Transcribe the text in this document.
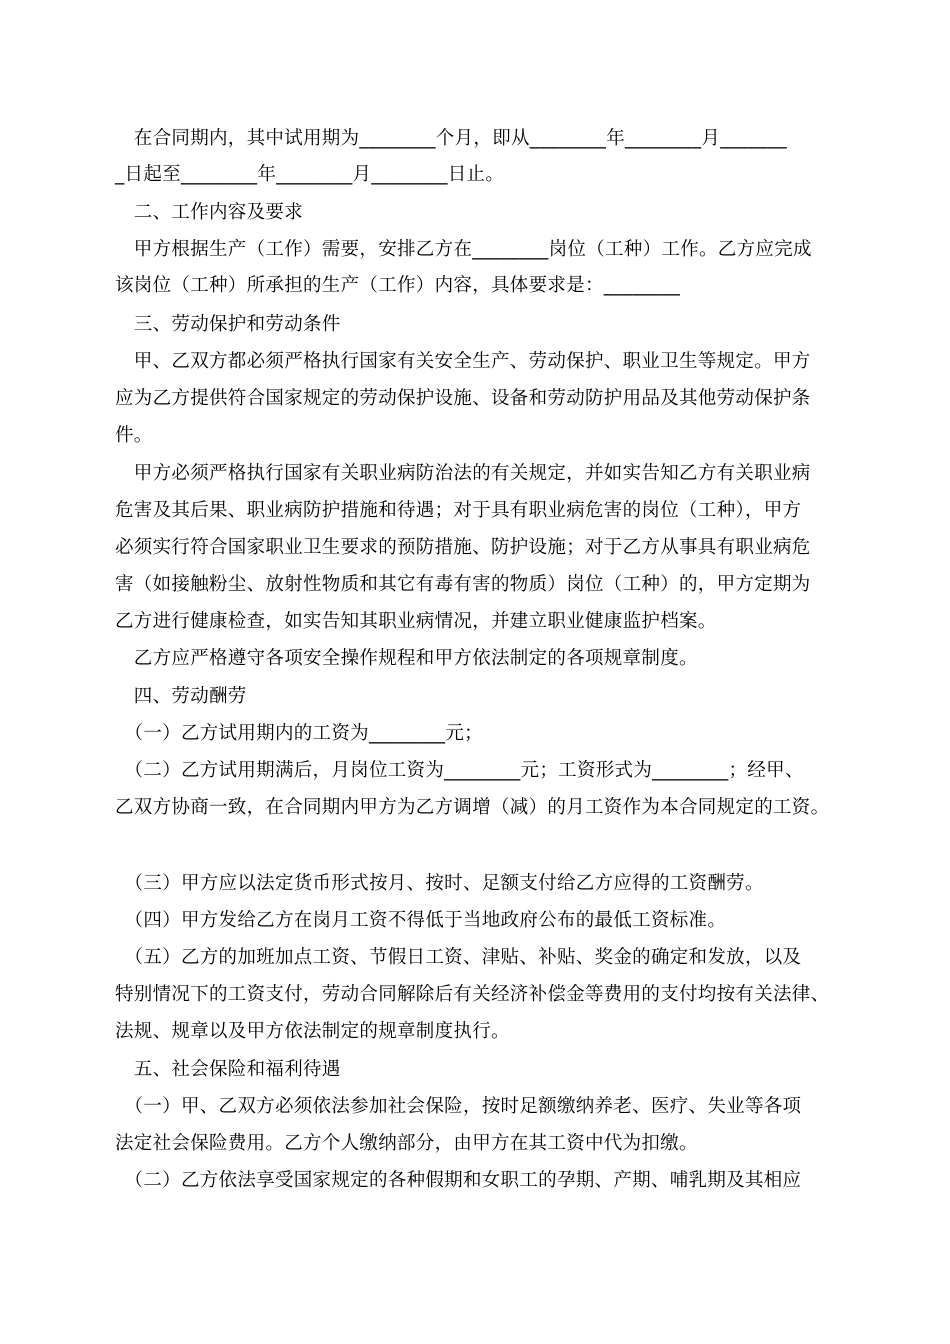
　在合同期内，其中试用期为________个月，即从________年________月_______
_日起至________年________月________日止。
　二、工作内容及要求
　甲方根据生产（工作）需要，安排乙方在________岗位（工种）工作。乙方应完成
该岗位（工种）所承担的生产（工作）内容，具体要求是：________
　三、劳动保护和劳动条件
　甲、乙双方都必须严格执行国家有关安全生产、劳动保护、职业卫生等规定。甲方
应为乙方提供符合国家规定的劳动保护设施、设备和劳动防护用品及其他劳动保护条
件。
　甲方必须严格执行国家有关职业病防治法的有关规定，并如实告知乙方有关职业病
危害及其后果、职业病防护措施和待遇；对于具有职业病危害的岗位（工种），甲方
必须实行符合国家职业卫生要求的预防措施、防护设施；对于乙方从事具有职业病危
害（如接触粉尘、放射性物质和其它有毒有害的物质）岗位（工种）的，甲方定期为
乙方进行健康检查，如实告知其职业病情况，并建立职业健康监护档案。
　乙方应严格遵守各项安全操作规程和甲方依法制定的各项规章制度。
　四、劳动酬劳
　（一）乙方试用期内的工资为________元；
　（二）乙方试用期满后，月岗位工资为________元；工资形式为________；经甲、
乙双方协商一致，在合同期内甲方为乙方调增（减）的月工资作为本合同规定的工资。
　（三）甲方应以法定货币形式按月、按时、足额支付给乙方应得的工资酬劳。
　（四）甲方发给乙方在岗月工资不得低于当地政府公布的最低工资标准。
　（五）乙方的加班加点工资、节假日工资、津贴、补贴、奖金的确定和发放，以及
特别情况下的工资支付，劳动合同解除后有关经济补偿金等费用的支付均按有关法律、
法规、规章以及甲方依法制定的规章制度执行。
　五、社会保险和福利待遇
　（一）甲、乙双方必须依法参加社会保险，按时足额缴纳养老、医疗、失业等各项
法定社会保险费用。乙方个人缴纳部分，由甲方在其工资中代为扣缴。
　（二）乙方依法享受国家规定的各种假期和女职工的孕期、产期、哺乳期及其相应
